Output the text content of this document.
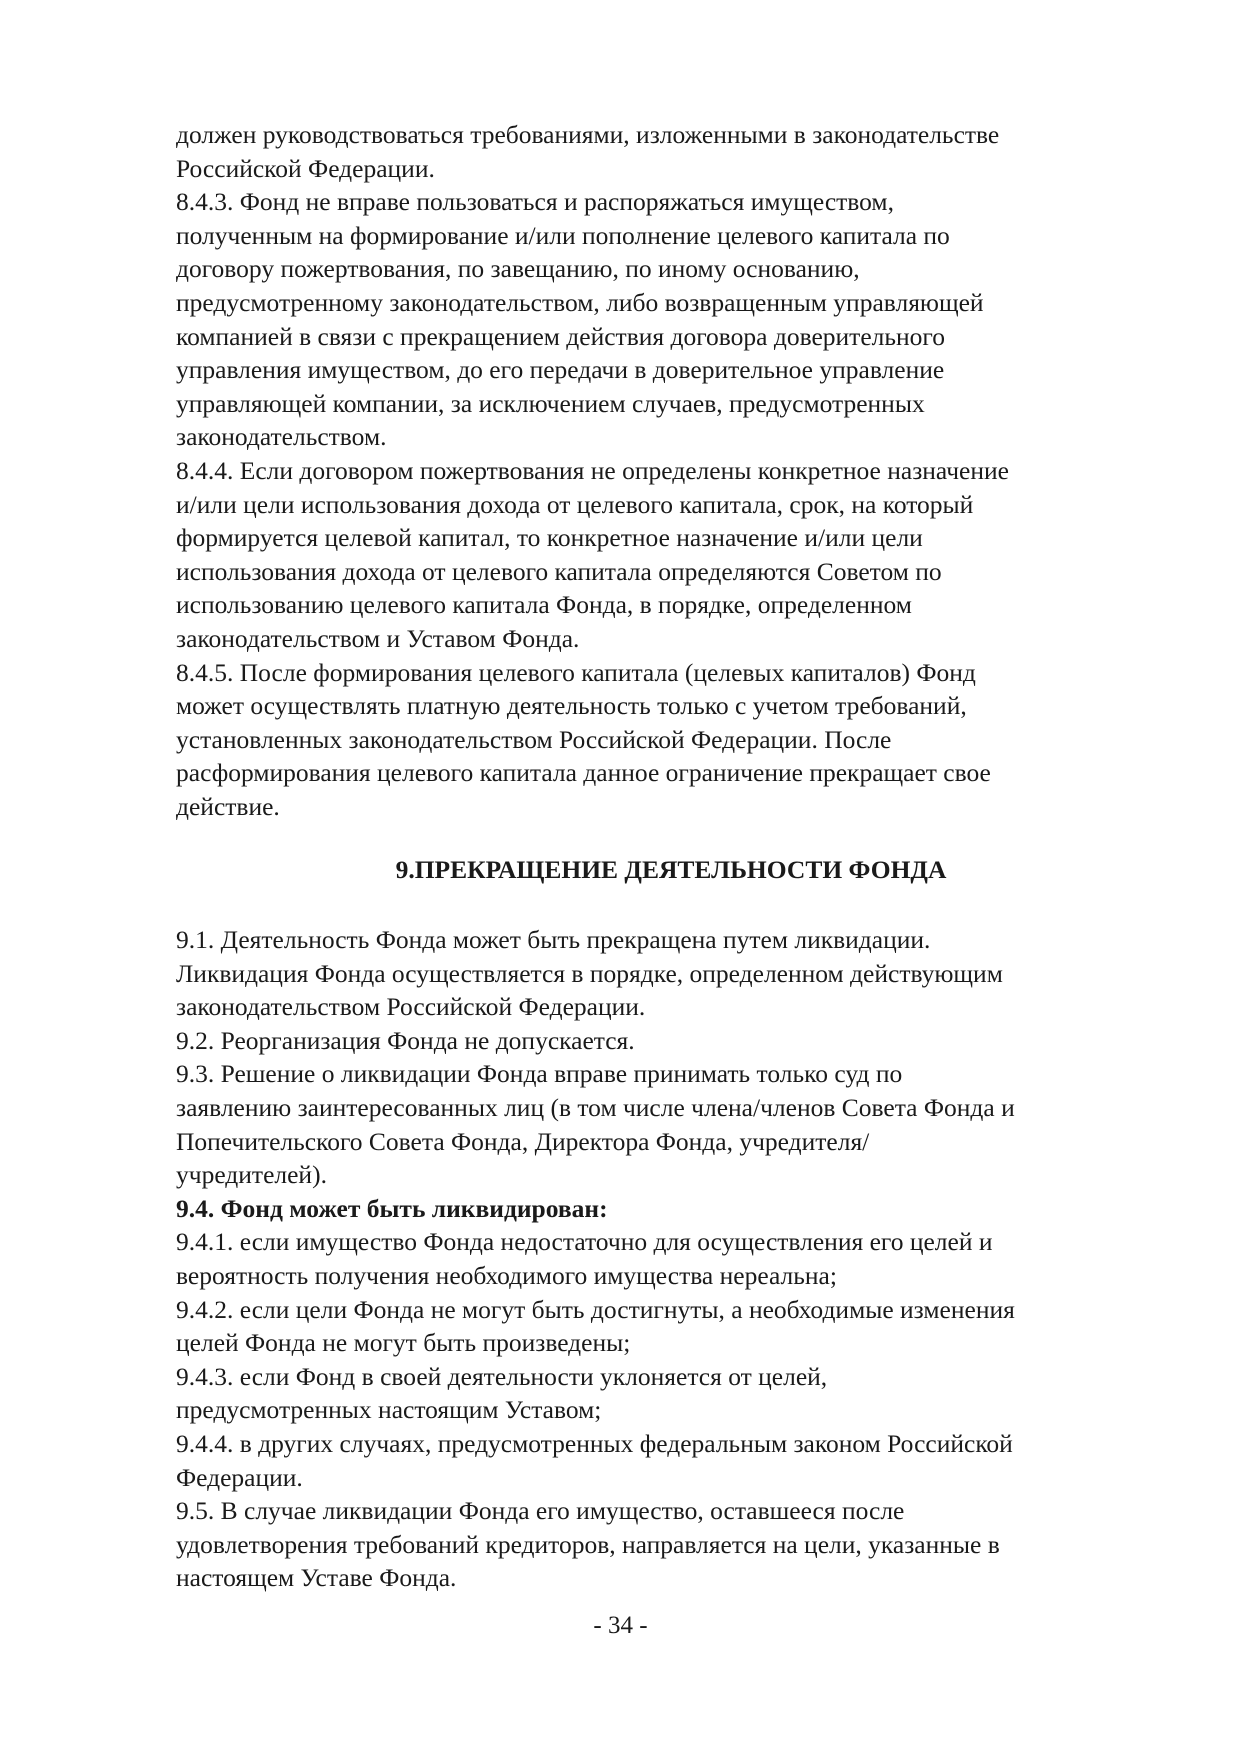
должен руководствоваться требованиями, изложенными в законодательстве
Российской Федерации.
8.4.3. Фонд не вправе пользоваться и распоряжаться имуществом,
полученным на формирование и/или пополнение целевого капитала по
договору пожертвования, по завещанию, по иному основанию,
предусмотренному законодательством, либо возвращенным управляющей
компанией в связи с прекращением действия договора доверительного
управления имуществом, до его передачи в доверительное управление
управляющей компании, за исключением случаев, предусмотренных
законодательством.
8.4.4. Если договором пожертвования не определены конкретное назначение
и/или цели использования дохода от целевого капитала, срок, на который
формируется целевой капитал, то конкретное назначение и/или цели
использования дохода от целевого капитала определяются Советом по
использованию целевого капитала Фонда, в порядке, определенном
законодательством и Уставом Фонда.
8.4.5. После формирования целевого капитала (целевых капиталов) Фонд
может осуществлять платную деятельность только с учетом требований,
установленных законодательством Российской Федерации. После
расформирования целевого капитала данное ограничение прекращает свое
действие.
9.ПРЕКРАЩЕНИЕ ДЕЯТЕЛЬНОСТИ ФОНДА
9.1. Деятельность Фонда может быть прекращена путем ликвидации.
Ликвидация Фонда осуществляется в порядке, определенном действующим
законодательством Российской Федерации.
9.2. Реорганизация Фонда не допускается.
9.3. Решение о ликвидации Фонда вправе принимать только суд по
заявлению заинтересованных лиц (в том числе члена/членов Совета Фонда и
Попечительского Совета Фонда, Директора Фонда, учредителя/
учредителей).
9.4. Фонд может быть ликвидирован:
9.4.1. если имущество Фонда недостаточно для осуществления его целей и
вероятность получения необходимого имущества нереальна;
9.4.2. если цели Фонда не могут быть достигнуты, а необходимые изменения
целей Фонда не могут быть произведены;
9.4.3. если Фонд в своей деятельности уклоняется от целей,
предусмотренных настоящим Уставом;
9.4.4. в других случаях, предусмотренных федеральным законом Российской
Федерации.
9.5. В случае ликвидации Фонда его имущество, оставшееся после
удовлетворения требований кредиторов, направляется на цели, указанные в
настоящем Уставе Фонда.
- 34 -
